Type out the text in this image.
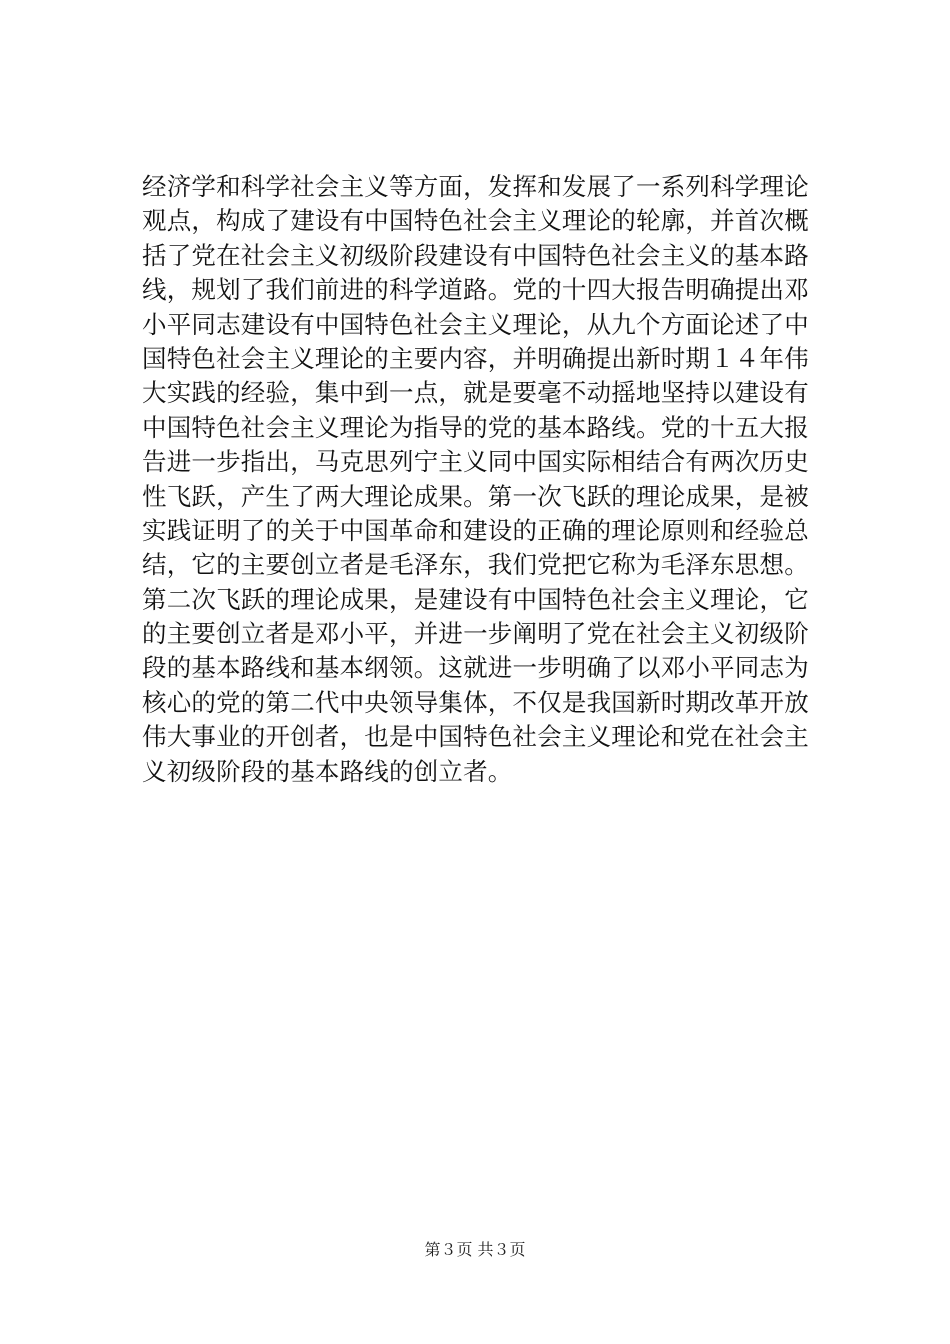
经济学和科学社会主义等方面，发挥和发展了一系列科学理论
观点，构成了建设有中国特色社会主义理论的轮廓，并首次概
括了党在社会主义初级阶段建设有中国特色社会主义的基本路
线，规划了我们前进的科学道路。党的十四大报告明确提出邓
小平同志建设有中国特色社会主义理论，从九个方面论述了中
国特色社会主义理论的主要内容，并明确提出新时期１４年伟
大实践的经验，集中到一点，就是要毫不动摇地坚持以建设有
中国特色社会主义理论为指导的党的基本路线。党的十五大报
告进一步指出，马克思列宁主义同中国实际相结合有两次历史
性飞跃，产生了两大理论成果。第一次飞跃的理论成果，是被
实践证明了的关于中国革命和建设的正确的理论原则和经验总
结，它的主要创立者是毛泽东，我们党把它称为毛泽东思想。
第二次飞跃的理论成果，是建设有中国特色社会主义理论，它
的主要创立者是邓小平，并进一步阐明了党在社会主义初级阶
段的基本路线和基本纲领。这就进一步明确了以邓小平同志为
核心的党的第二代中央领导集体，不仅是我国新时期改革开放
伟大事业的开创者，也是中国特色社会主义理论和党在社会主
义初级阶段的基本路线的创立者。
第３页 共３页
